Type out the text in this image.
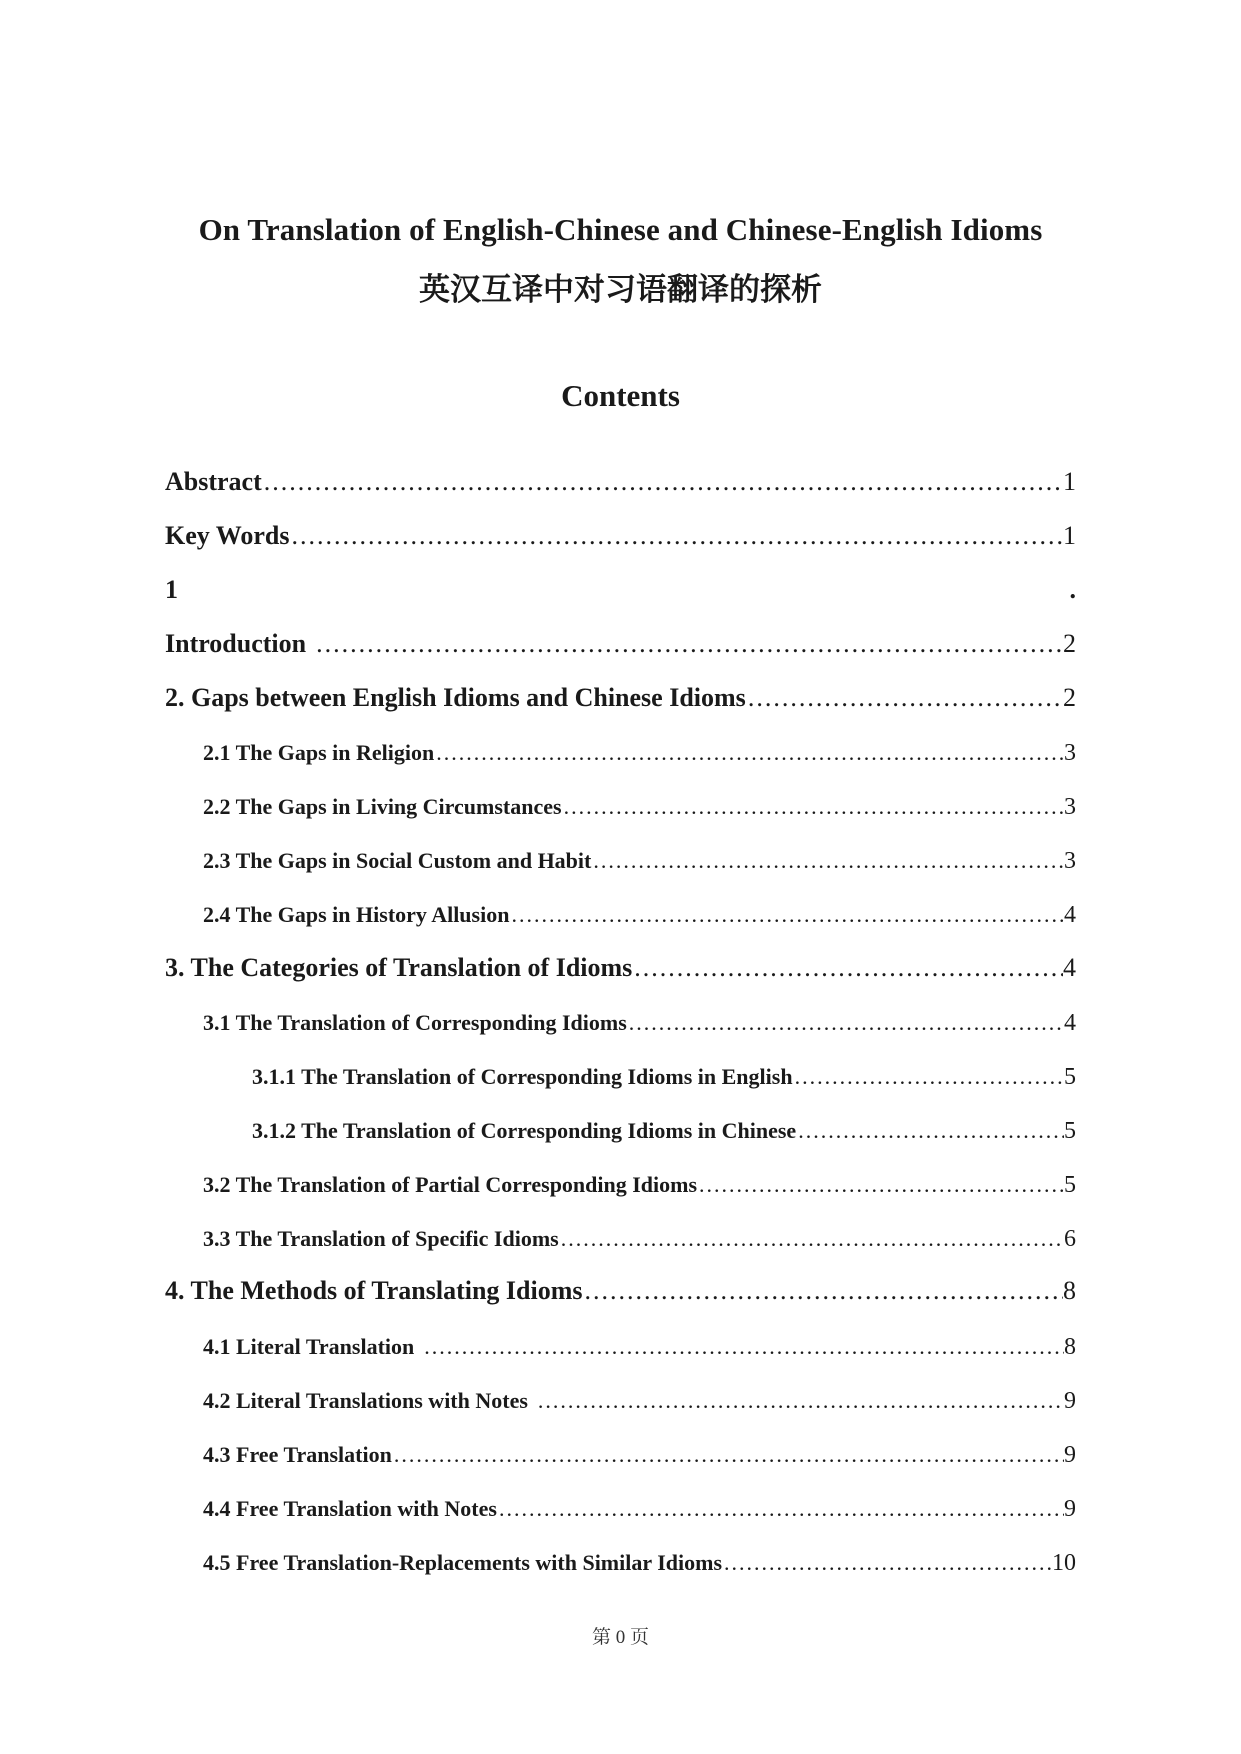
On Translation of English-Chinese and Chinese-English Idioms
英汉互译中对习语翻译的探析
Contents
Abstract .....	1
Key Words .....	1
1	.
Introduction .....	2
2. Gaps between English Idioms and Chinese Idioms .....	2
2.1 The Gaps in Religion .....	3
2.2 The Gaps in Living Circumstances .....	3
2.3 The Gaps in Social Custom and Habit .....	3
2.4 The Gaps in History Allusion .....	4
3. The Categories of Translation of Idioms .....	4
3.1 The Translation of Corresponding Idioms .....	4
3.1.1 The Translation of Corresponding Idioms in English .....	5
3.1.2 The Translation of Corresponding Idioms in Chinese .....	5
3.2 The Translation of Partial Corresponding Idioms .....	5
3.3 The Translation of Specific Idioms .....	6
4. The Methods of Translating Idioms .....	8
4.1 Literal Translation .....	8
4.2 Literal Translations with Notes .....	9
4.3 Free Translation .....	9
4.4 Free Translation with Notes .....	9
4.5 Free Translation-Replacements with Similar Idioms .....	10
第 0 页
